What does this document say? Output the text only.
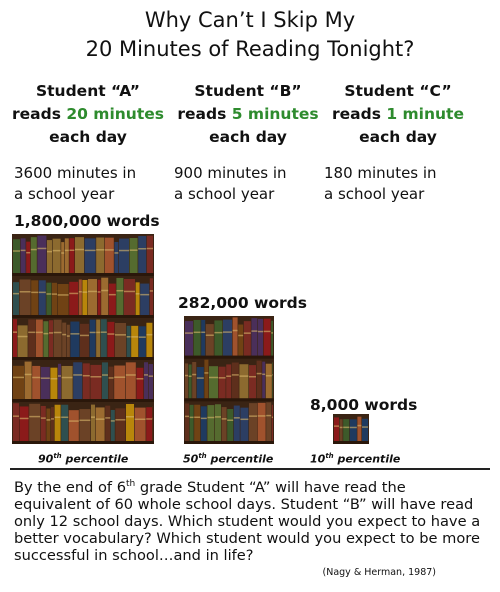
Why Can’t I Skip My
20 Minutes of Reading Tonight?
Student “A”
reads 20 minutes
each day
3600 minutes in
a school year
Student “B”
reads 5 minutes
each day
900 minutes in
a school year
Student “C”
reads 1 minute
each day
180 minutes in
a school year
1,800,000 words
282,000 words
8,000 words
90th percentile	50th percentile	10th percentile
By the end of 6th grade Student “A” will have read the equivalent of 60 whole school days. Student “B” will have read only 12 school days. Which student would you expect to have a better vocabulary? Which student would you expect to be more successful in school…and in life?
(Nagy & Herman, 1987)
